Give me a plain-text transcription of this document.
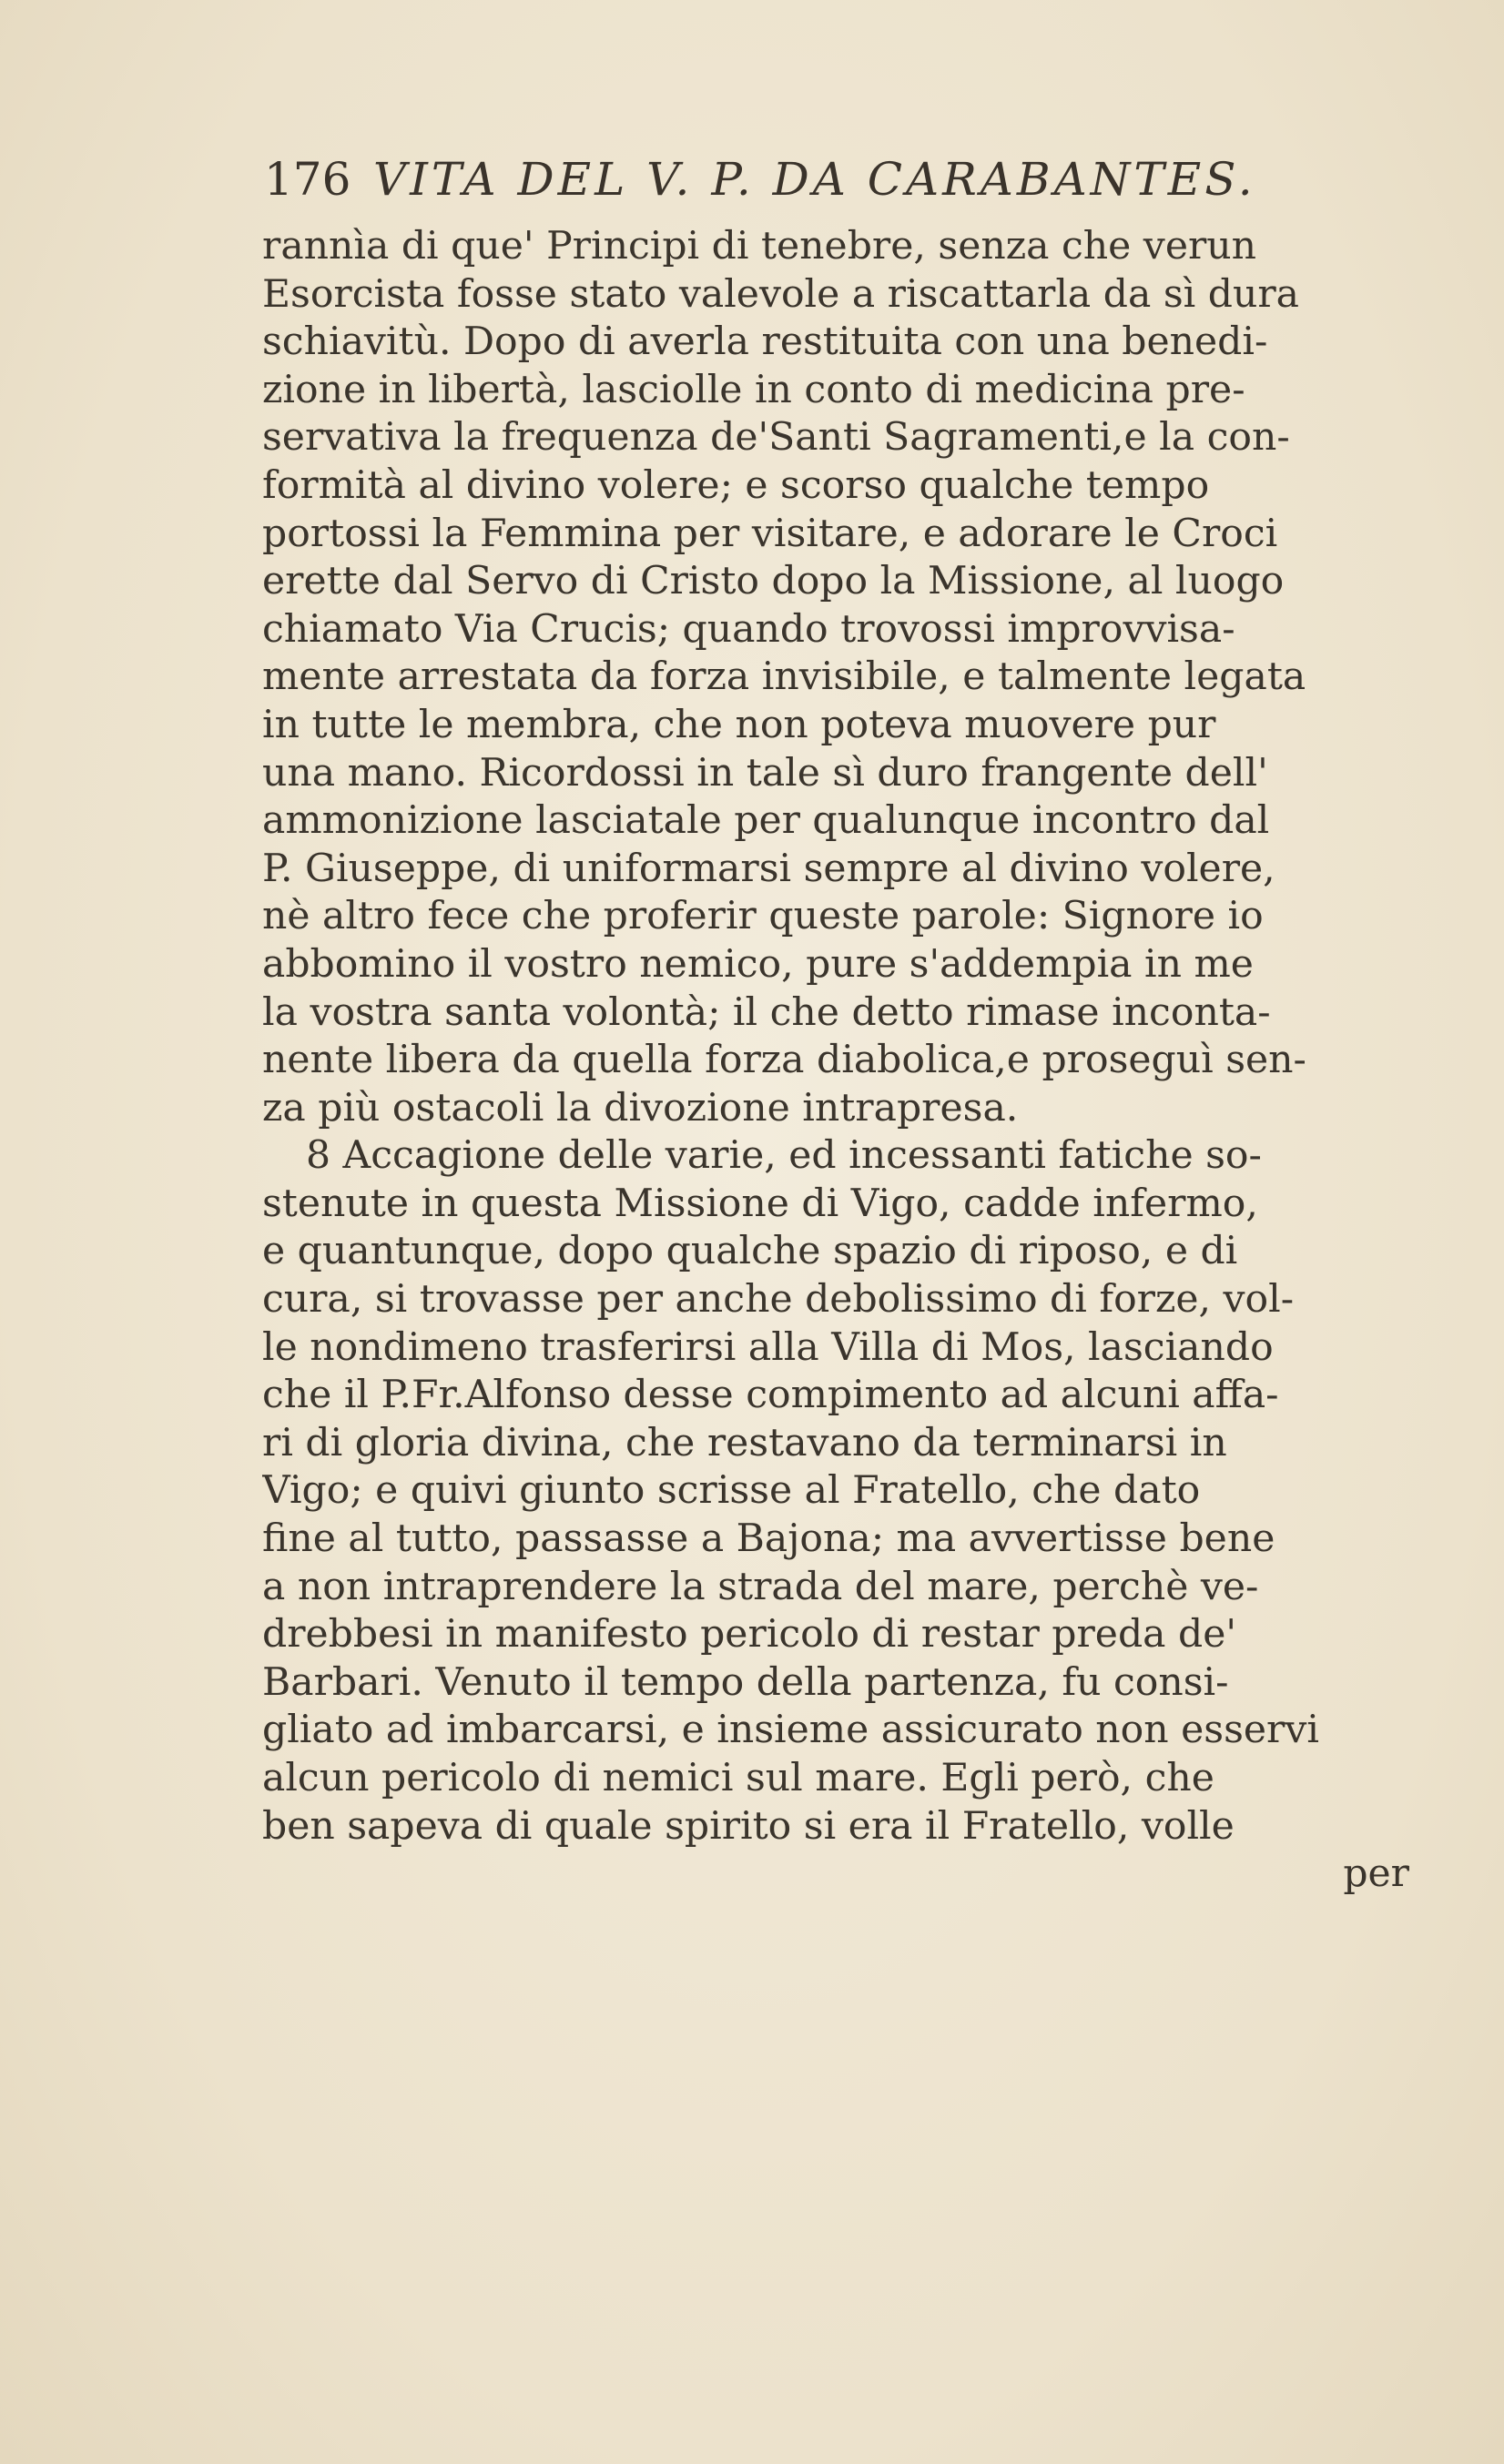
176 VITA DEL V. P. DA CARABANTES.
rannìa di que' Principi di tenebre, senza che verun
Esorcista fosse stato valevole a riscattarla da sì dura
schiavitù. Dopo di averla restituita con una benedi-
zione in libertà, lasciolle in conto di medicina pre-
servativa la frequenza de'Santi Sagramenti,e la con-
formità al divino volere; e scorso qualche tempo
portossi la Femmina per visitare, e adorare le Croci
erette dal Servo di Cristo dopo la Missione, al luogo
chiamato Via Crucis; quando trovossi improvvisa-
mente arrestata da forza invisibile, e talmente legata
in tutte le membra, che non poteva muovere pur
una mano. Ricordossi in tale sì duro frangente dell'
ammonizione lasciatale per qualunque incontro dal
P. Giuseppe, di uniformarsi sempre al divino volere,
nè altro fece che proferir queste parole: Signore io
abbomino il vostro nemico, pure s'addempia in me
la vostra santa volontà; il che detto rimase inconta-
nente libera da quella forza diabolica,e proseguì sen-
za più ostacoli la divozione intrapresa.
8 Accagione delle varie, ed incessanti fatiche so-
stenute in questa Missione di Vigo, cadde infermo,
e quantunque, dopo qualche spazio di riposo, e di
cura, si trovasse per anche debolissimo di forze, vol-
le nondimeno trasferirsi alla Villa di Mos, lasciando
che il P.Fr.Alfonso desse compimento ad alcuni affa-
ri di gloria divina, che restavano da terminarsi in
Vigo; e quivi giunto scrisse al Fratello, che dato
fine al tutto, passasse a Bajona; ma avvertisse bene
a non intraprendere la strada del mare, perchè ve-
drebbesi in manifesto pericolo di restar preda de'
Barbari. Venuto il tempo della partenza, fu consi-
gliato ad imbarcarsi, e insieme assicurato non esservi
alcun pericolo di nemici sul mare. Egli però, che
ben sapeva di quale spirito si era il Fratello, volle
per
